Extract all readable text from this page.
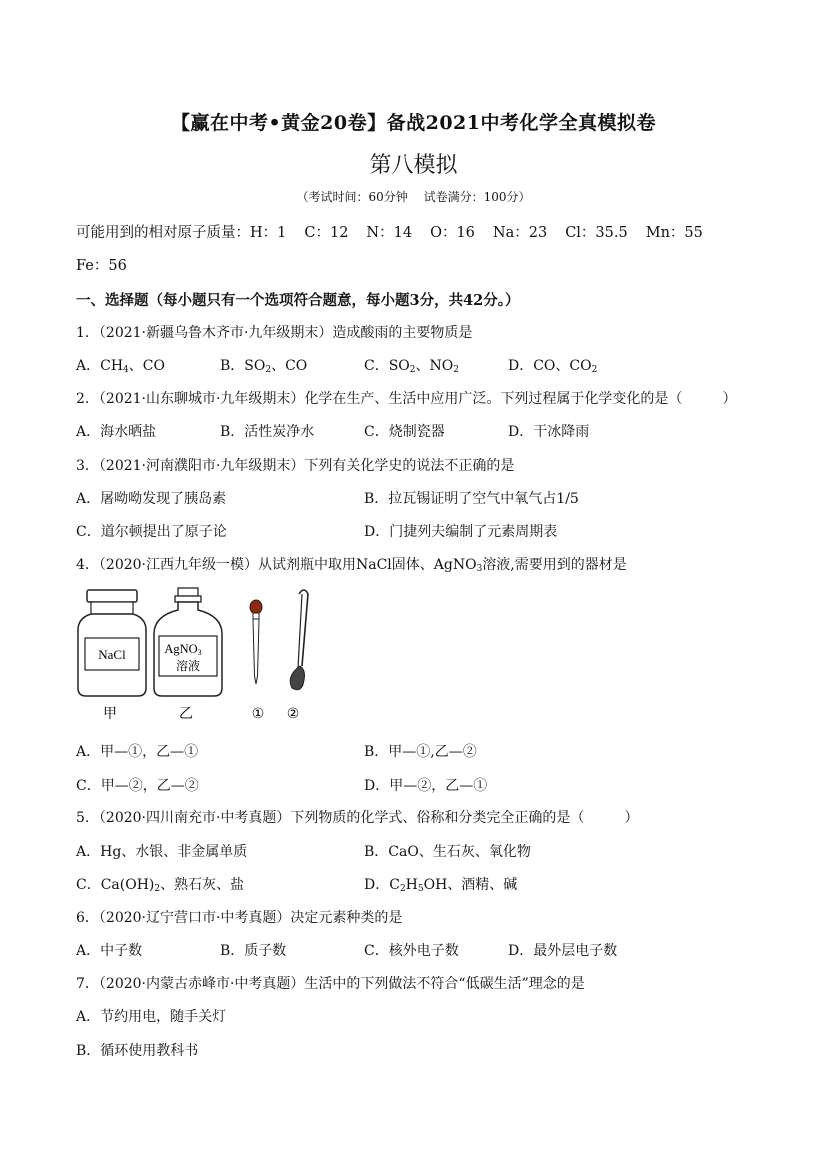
【赢在中考•黄金20卷】备战2021中考化学全真模拟卷
第八模拟
（考试时间：60分钟 试卷满分：100分）
可能用到的相对原子质量：H：1 C：12 N：14 O：16 Na：23 Cl：35.5 Mn：55
Fe：56
一、选择题（每小题只有一个选项符合题意，每小题3分，共42分。）
1．（2021·新疆乌鲁木齐市·九年级期末）造成酸雨的主要物质是
A．$CH_4$、CO	B．$SO_2$、CO	C．$SO_2$、$NO_2$	D．CO、$CO_2$
2．（2021·山东聊城市·九年级期末）化学在生产、生活中应用广泛。下列过程属于化学变化的是（	）
A．海水晒盐	B．活性炭净水	C．烧制瓷器	D．干冰降雨
3．（2021·河南濮阳市·九年级期末）下列有关化学史的说法不正确的是
A．屠呦呦发现了胰岛素	B．拉瓦锡证明了空气中氧气占1/5
C．道尔顿提出了原子论	D．门捷列夫编制了元素周期表
4．（2020·江西九年级一模）从试剂瓶中取用NaCl固体、AgNO$_3$溶液,需要用到的器材是
NaCl	AgNO3
溶液
甲	乙	① ②
A．甲—①，乙—①	B．甲—①,乙—②
C．甲—②，乙—②	D．甲—②，乙—①
5．（2020·四川南充市·中考真题）下列物质的化学式、俗称和分类完全正确的是（	）
A．Hg、水银、非金属单质	B．CaO、生石灰、氧化物
C．$Ca(OH)_2$、熟石灰、盐	D．$C_2H_5OH$、酒精、碱
6．（2020·辽宁营口市·中考真题）决定元素种类的是
A．中子数	B．质子数	C．核外电子数	D．最外层电子数
7．（2020·内蒙古赤峰市·中考真题）生活中的下列做法不符合“低碳生活”理念的是
A．节约用电，随手关灯
B．循环使用教科书
